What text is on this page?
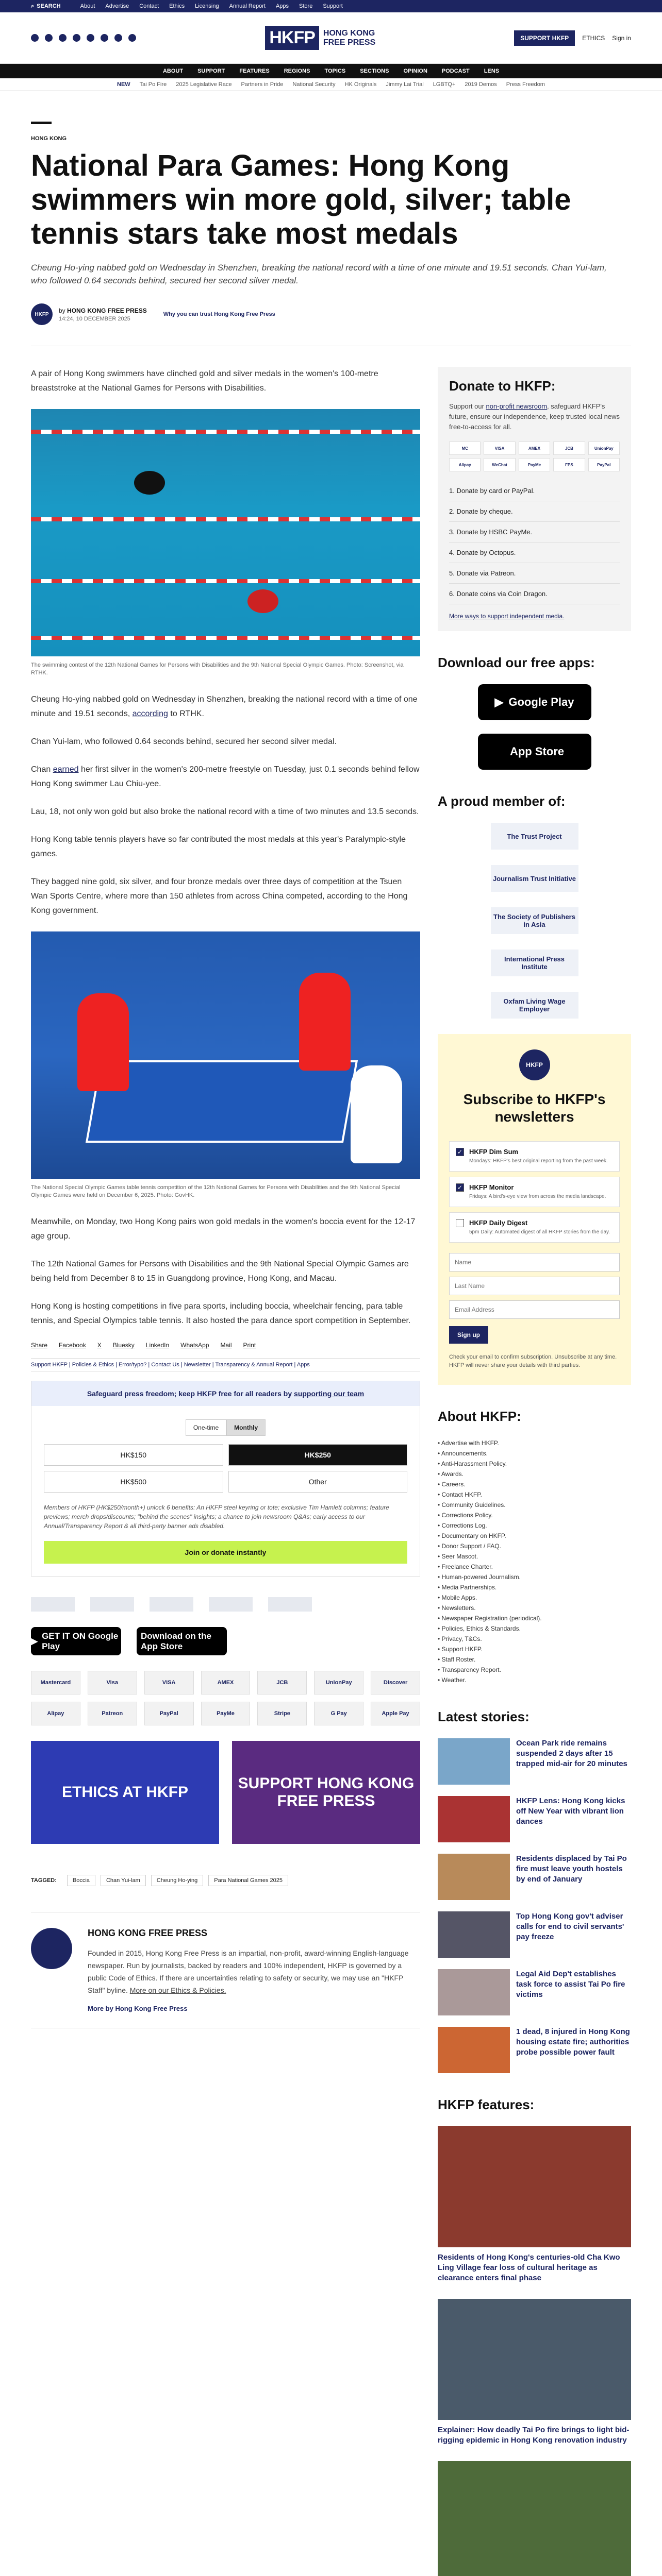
⌕ SEARCH	About Advertise Contact Ethics Licensing Annual Report Apps Store Support
HKFP	HONG KONG FREE PRESS	SUPPORT HKFP	ETHICS Sign in
ABOUT	SUPPORT	FEATURES	REGIONS	TOPICS	SECTIONS	OPINION	PODCAST	LENS
NEW Tai Po Fire 2025 Legislative Race Partners in Pride National Security HK Originals Jimmy Lai Trial LGBTQ+ 2019 Demos Press Freedom
HONG KONG
National Para Games: Hong Kong swimmers win more gold, silver; table tennis stars take most medals
Cheung Ho-ying nabbed gold on Wednesday in Shenzhen, breaking the national record with a time of one minute and 19.51 seconds. Chan Yui-lam, who followed 0.64 seconds behind, secured her second silver medal.
HKFP
by HONG KONG FREE PRESS
14:24, 10 DECEMBER 2025
Why you can trust Hong Kong Free Press

A pair of Hong Kong swimmers have clinched gold and silver medals in the women's 100-metre breaststroke at the National Games for Persons with Disabilities.

The swimming contest of the 12th National Games for Persons with Disabilities and the 9th National Special Olympic Games. Photo: Screenshot, via RTHK.

Cheung Ho-ying nabbed gold on Wednesday in Shenzhen, breaking the national record with a time of one minute and 19.51 seconds, according to RTHK.

Chan Yui-lam, who followed 0.64 seconds behind, secured her second silver medal.

Chan earned her first silver in the women's 200-metre freestyle on Tuesday, just 0.1 seconds behind fellow Hong Kong swimmer Lau Chiu-yee.

Lau, 18, not only won gold but also broke the national record with a time of two minutes and 13.5 seconds.

Hong Kong table tennis players have so far contributed the most medals at this year's Paralympic-style games.

They bagged nine gold, six silver, and four bronze medals over three days of competition at the Tsuen Wan Sports Centre, where more than 150 athletes from across China competed, according to the Hong Kong government.

The National Special Olympic Games table tennis competition of the 12th National Games for Persons with Disabilities and the 9th National Special Olympic Games were held on December 6, 2025. Photo: GovHK.

Meanwhile, on Monday, two Hong Kong pairs won gold medals in the women's boccia event for the 12-17 age group.

The 12th National Games for Persons with Disabilities and the 9th National Special Olympic Games are being held from December 8 to 15 in Guangdong province, Hong Kong, and Macau.

Hong Kong is hosting competitions in five para sports, including boccia, wheelchair fencing, para table tennis, and Special Olympics table tennis. It also hosted the para dance sport competition in September.

Share Facebook X Bluesky LinkedIn WhatsApp Mail Print
Support HKFP | Policies & Ethics | Error/typo? | Contact Us | Newsletter | Transparency & Annual Report | Apps
Safeguard press freedom; keep HKFP free for all readers by supporting our team
One-time	Monthly
HK$150	HK$250
HK$500	Other
Members of HKFP (HK$250/month+) unlock 6 benefits: An HKFP steel keyring or tote; exclusive Tim Hamlett columns; feature previews; merch drops/discounts; "behind the scenes" insights; a chance to join newsroom Q&As; early access to our Annual/Transparency Report & all third-party banner ads disabled.
Join or donate instantly
▶
GET IT ON Google Play
Download on the App Store
Mastercard	Visa	VISA	AMEX	JCB	UnionPay	Discover
Alipay	Patreon	PayPal	PayMe	Stripe	G Pay	Apple Pay
ETHICS AT HKFP
SUPPORT HONG KONG FREE PRESS
TAGGED:	Boccia	Chan Yui-lam	Cheung Ho-ying	Para National Games 2025
HONG KONG FREE PRESS

Founded in 2015, Hong Kong Free Press is an impartial, non-profit, award-winning English-language newspaper. Run by journalists, backed by readers and 100% independent, HKFP is governed by a public Code of Ethics. If there are uncertainties relating to safety or security, we may use an "HKFP Staff" byline. More on our Ethics & Policies.

More by Hong Kong Free Press
Donate to HKFP:
Support our non-profit newsroom, safeguard HKFP's future, ensure our independence, keep trusted local news free-to-access for all.
MC	VISA	AMEX	JCB	UnionPay
Alipay	WeChat	PayMe	FPS	PayPal
1. Donate by card or PayPal.
2. Donate by cheque.
3. Donate by HSBC PayMe.
4. Donate by Octopus.
5. Donate via Patreon.
6. Donate coins via Coin Dragon.
More ways to support independent media.
Download our free apps:
▶ Google Play
App Store
A proud member of:
The Trust Project
Journalism Trust Initiative
The Society of Publishers in Asia
International Press Institute
Oxfam Living Wage Employer
HKFP
Subscribe to HKFP's newsletters
✓ HKFP Dim Sum
Mondays: HKFP's best original reporting from the past week.
✓ HKFP Monitor
Fridays: A bird's-eye view from across the media landscape.
HKFP Daily Digest
5pm Daily: Automated digest of all HKFP stories from the day.
Name Last Name Email Address Sign up
Check your email to confirm subscription. Unsubscribe at any time. HKFP will never share your details with third parties.
About HKFP:
• Advertise with HKFP.
• Announcements.
• Anti-Harassment Policy.
• Awards.
• Careers.
• Contact HKFP.
• Community Guidelines.
• Corrections Policy.
• Corrections Log.
• Documentary on HKFP.
• Donor Support / FAQ.
• Seer Mascot.
• Freelance Charter.
• Human-powered Journalism.
• Media Partnerships.
• Mobile Apps.
• Newsletters.
• Newspaper Registration (periodical).
• Policies, Ethics & Standards.
• Privacy, T&Cs.
• Support HKFP.
• Staff Roster.
• Transparency Report.
• Weather.
Latest stories:
Ocean Park ride remains suspended 2 days after 15 trapped mid-air for 20 minutes
HKFP Lens: Hong Kong kicks off New Year with vibrant lion dances
Residents displaced by Tai Po fire must leave youth hostels by end of January
Top Hong Kong gov't adviser calls for end to civil servants' pay freeze
Legal Aid Dep't establishes task force to assist Tai Po fire victims
1 dead, 8 injured in Hong Kong housing estate fire; authorities probe possible power fault
HKFP features:
Residents of Hong Kong's centuries-old Cha Kwo Ling Village fear loss of cultural heritage as clearance enters final phase
Explainer: How deadly Tai Po fire brings to light bid-rigging epidemic in Hong Kong renovation industry
